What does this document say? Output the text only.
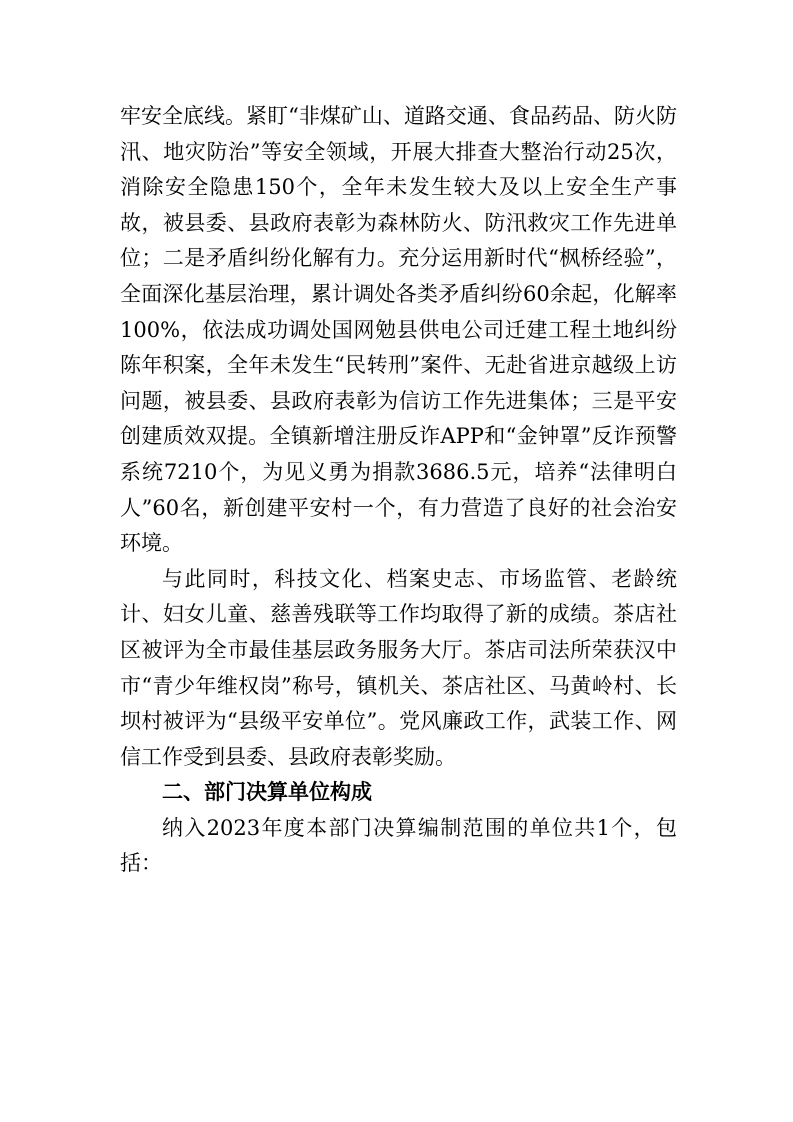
牢安全底线。紧盯“非煤矿山、道路交通、食品药品、防火防汛、地灾防治”等安全领域，开展大排查大整治行动25次，消除安全隐患150个，全年未发生较大及以上安全生产事故，被县委、县政府表彰为森林防火、防汛救灾工作先进单位；二是矛盾纠纷化解有力。充分运用新时代“枫桥经验”，全面深化基层治理，累计调处各类矛盾纠纷60余起，化解率100%，依法成功调处国网勉县供电公司迁建工程土地纠纷陈年积案，全年未发生“民转刑”案件、无赴省进京越级上访问题，被县委、县政府表彰为信访工作先进集体；三是平安创建质效双提。全镇新增注册反诈APP和“金钟罩”反诈预警系统7210个，为见义勇为捐款3686.5元，培养“法律明白人”60名，新创建平安村一个，有力营造了良好的社会治安环境。

与此同时，科技文化、档案史志、市场监管、老龄统计、妇女儿童、慈善残联等工作均取得了新的成绩。茶店社区被评为全市最佳基层政务服务大厅。茶店司法所荣获汉中市“青少年维权岗”称号，镇机关、茶店社区、马黄岭村、长坝村被评为“县级平安单位”。党风廉政工作，武装工作、网信工作受到县委、县政府表彰奖励。

二、部门决算单位构成

纳入2023年度本部门决算编制范围的单位共1个，包括：
